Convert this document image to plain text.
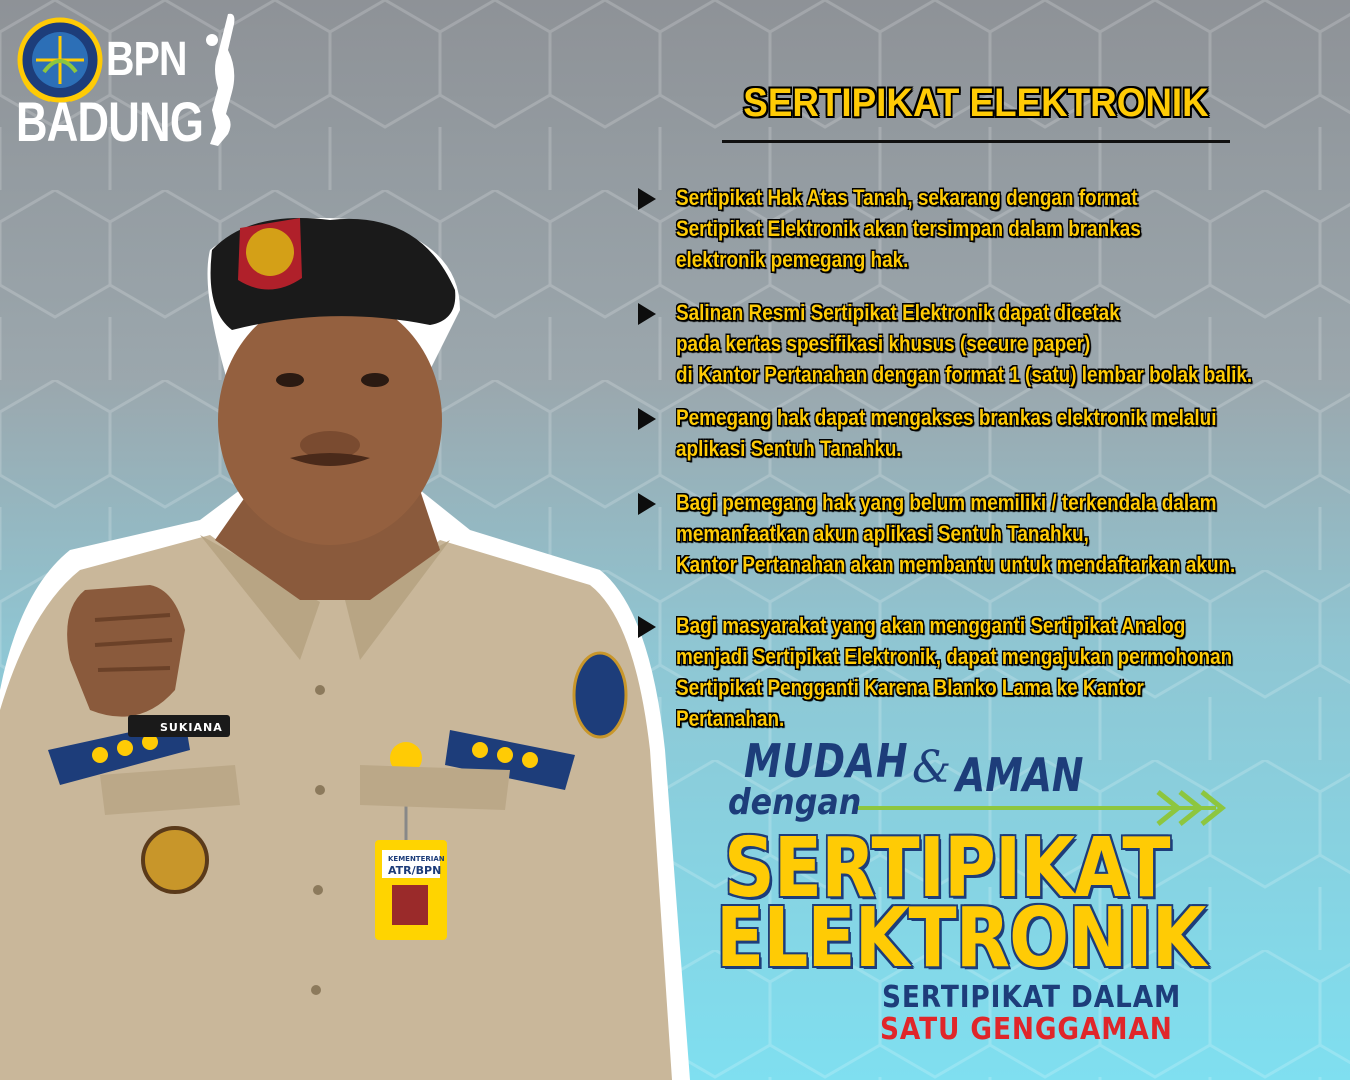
BPN
BADUNG	SERTIPIKAT ELEKTRONIK
Sertipikat Hak Atas Tanah, sekarang dengan format
Sertipikat Elektronik akan tersimpan dalam brankas
elektronik pemegang hak.
Salinan Resmi Sertipikat Elektronik dapat dicetak
pada kertas spesifikasi khusus (secure paper)
di Kantor Pertanahan dengan format 1 (satu) lembar bolak balik.
Pemegang hak dapat mengakses brankas elektronik melalui
aplikasi Sentuh Tanahku.
Bagi pemegang hak yang belum memiliki / terkendala dalam
memanfaatkan akun aplikasi Sentuh Tanahku,
Kantor Pertanahan akan membantu untuk mendaftarkan akun.
Bagi masyarakat yang akan mengganti Sertipikat Analog
menjadi Sertipikat Elektronik, dapat mengajukan permohonan
Sertipikat Pengganti Karena Blanko Lama ke Kantor Pertanahan.
SUKIANA
KEMENTERIAN
ATR/BPN
MUDAH & AMAN
dengan
SERTIPIKAT
ELEKTRONIK
SERTIPIKAT DALAM
SATU GENGGAMAN
